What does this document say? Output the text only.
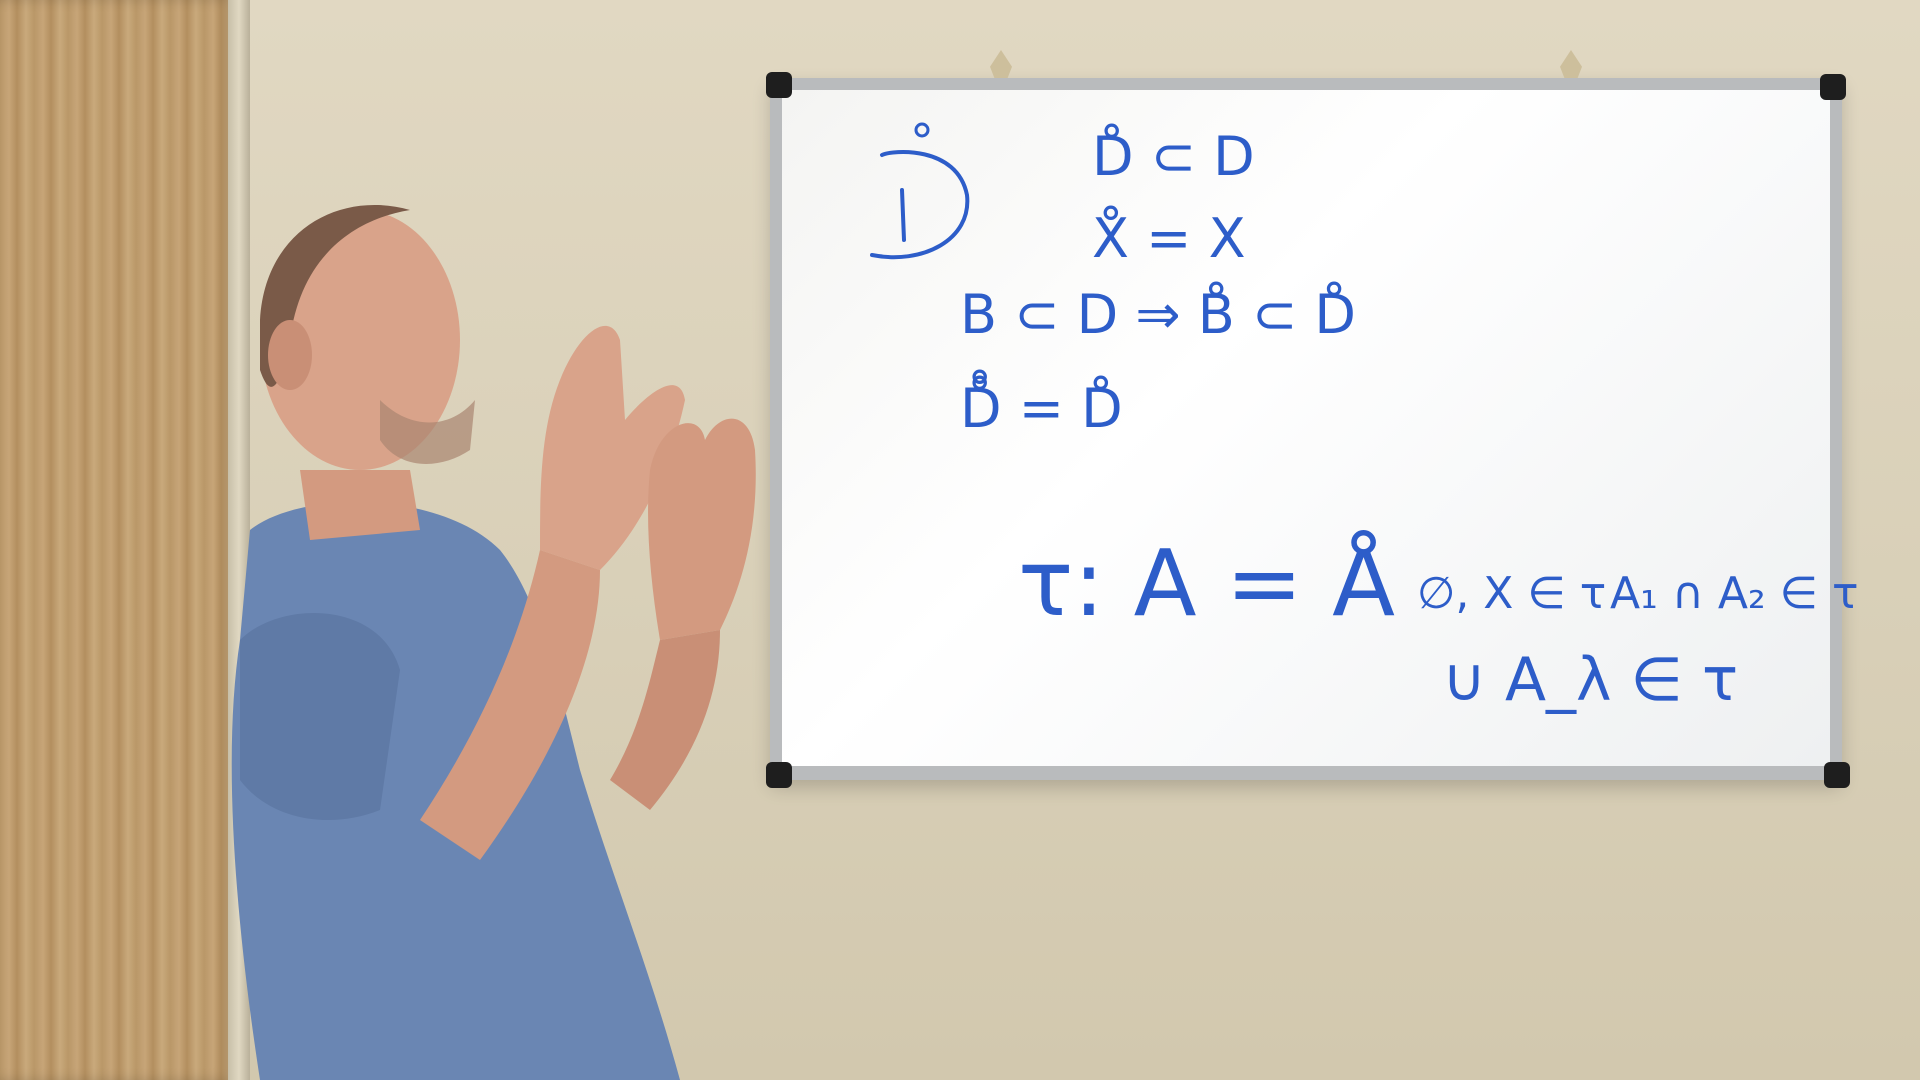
D̊ ⊂ D
X̊ = X
B ⊂ D ⇒ B̊ ⊂ D̊
D̊̊ = D̊
τ: A = Å ∅, X ∈ τ A₁ ∩ A₂ ∈ τ
∪ A_λ ∈ τ
